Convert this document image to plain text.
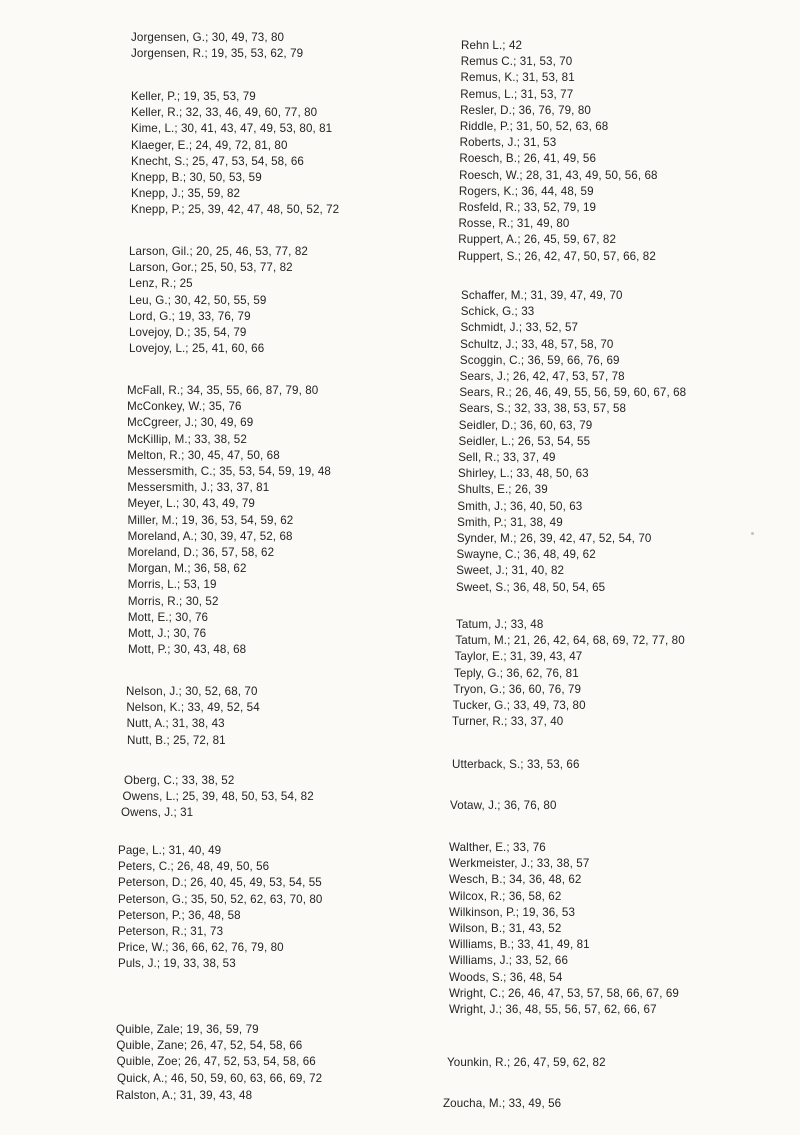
Jorgensen, G.; 30, 49, 73, 80
Jorgensen, R.; 19, 35, 53, 62, 79
Keller, P.; 19, 35, 53, 79
Keller, R.; 32, 33, 46, 49, 60, 77, 80
Kime, L.; 30, 41, 43, 47, 49, 53, 80, 81
Klaeger, E.; 24, 49, 72, 81, 80
Knecht, S.; 25, 47, 53, 54, 58, 66
Knepp, B.; 30, 50, 53, 59
Knepp, J.; 35, 59, 82
Knepp, P.; 25, 39, 42, 47, 48, 50, 52, 72
Larson, Gil.; 20, 25, 46, 53, 77, 82
Larson, Gor.; 25, 50, 53, 77, 82
Lenz, R.; 25
Leu, G.; 30, 42, 50, 55, 59
Lord, G.; 19, 33, 76, 79
Lovejoy, D.; 35, 54, 79
Lovejoy, L.; 25, 41, 60, 66
McFall, R.; 34, 35, 55, 66, 87, 79, 80
McConkey, W.; 35, 76
McCgreer, J.; 30, 49, 69
McKillip, M.; 33, 38, 52
Melton, R.; 30, 45, 47, 50, 68
Messersmith, C.; 35, 53, 54, 59, 19, 48
Messersmith, J.; 33, 37, 81
Meyer, L.; 30, 43, 49, 79
Miller, M.; 19, 36, 53, 54, 59, 62
Moreland, A.; 30, 39, 47, 52, 68
Moreland, D.; 36, 57, 58, 62
Morgan, M.; 36, 58, 62
Morris, L.; 53, 19
Morris, R.; 30, 52
Mott, E.; 30, 76
Mott, J.; 30, 76
Mott, P.; 30, 43, 48, 68
Nelson, J.; 30, 52, 68, 70
Nelson, K.; 33, 49, 52, 54
Nutt, A.; 31, 38, 43
Nutt, B.; 25, 72, 81
Oberg, C.; 33, 38, 52
Owens, L.; 25, 39, 48, 50, 53, 54, 82
Owens, J.; 31
Page, L.; 31, 40, 49
Peters, C.; 26, 48, 49, 50, 56
Peterson, D.; 26, 40, 45, 49, 53, 54, 55
Peterson, G.; 35, 50, 52, 62, 63, 70, 80
Peterson, P.; 36, 48, 58
Peterson, R.; 31, 73
Price, W.; 36, 66, 62, 76, 79, 80
Puls, J.; 19, 33, 38, 53
Quible, Zale; 19, 36, 59, 79
Quible, Zane; 26, 47, 52, 54, 58, 66
Quible, Zoe; 26, 47, 52, 53, 54, 58, 66
Quick, A.; 46, 50, 59, 60, 63, 66, 69, 72
Ralston, A.; 31, 39, 43, 48
Rehn L.; 42
Remus C.; 31, 53, 70
Remus, K.; 31, 53, 81
Remus, L.; 31, 53, 77
Resler, D.; 36, 76, 79, 80
Riddle, P.; 31, 50, 52, 63, 68
Roberts, J.; 31, 53
Roesch, B.; 26, 41, 49, 56
Roesch, W.; 28, 31, 43, 49, 50, 56, 68
Rogers, K.; 36, 44, 48, 59
Rosfeld, R.; 33, 52, 79, 19
Rosse, R.; 31, 49, 80
Ruppert, A.; 26, 45, 59, 67, 82
Ruppert, S.; 26, 42, 47, 50, 57, 66, 82
Schaffer, M.; 31, 39, 47, 49, 70
Schick, G.; 33
Schmidt, J.; 33, 52, 57
Schultz, J.; 33, 48, 57, 58, 70
Scoggin, C.; 36, 59, 66, 76, 69
Sears, J.; 26, 42, 47, 53, 57, 78
Sears, R.; 26, 46, 49, 55, 56, 59, 60, 67, 68
Sears, S.; 32, 33, 38, 53, 57, 58
Seidler, D.; 36, 60, 63, 79
Seidler, L.; 26, 53, 54, 55
Sell, R.; 33, 37, 49
Shirley, L.; 33, 48, 50, 63
Shults, E.; 26, 39
Smith, J.; 36, 40, 50, 63
Smith, P.; 31, 38, 49
Synder, M.; 26, 39, 42, 47, 52, 54, 70
Swayne, C.; 36, 48, 49, 62
Sweet, J.; 31, 40, 82
Sweet, S.; 36, 48, 50, 54, 65
Tatum, J.; 33, 48
Tatum, M.; 21, 26, 42, 64, 68, 69, 72, 77, 80
Taylor, E.; 31, 39, 43, 47
Teply, G.; 36, 62, 76, 81
Tryon, G.; 36, 60, 76, 79
Tucker, G.; 33, 49, 73, 80
Turner, R.; 33, 37, 40
Utterback, S.; 33, 53, 66
Votaw, J.; 36, 76, 80
Walther, E.; 33, 76
Werkmeister, J.; 33, 38, 57
Wesch, B.; 34, 36, 48, 62
Wilcox, R.; 36, 58, 62
Wilkinson, P.; 19, 36, 53
Wilson, B.; 31, 43, 52
Williams, B.; 33, 41, 49, 81
Williams, J.; 33, 52, 66
Woods, S.; 36, 48, 54
Wright, C.; 26, 46, 47, 53, 57, 58, 66, 67, 69
Wright, J.; 36, 48, 55, 56, 57, 62, 66, 67
Younkin, R.; 26, 47, 59, 62, 82
Zoucha, M.; 33, 49, 56
